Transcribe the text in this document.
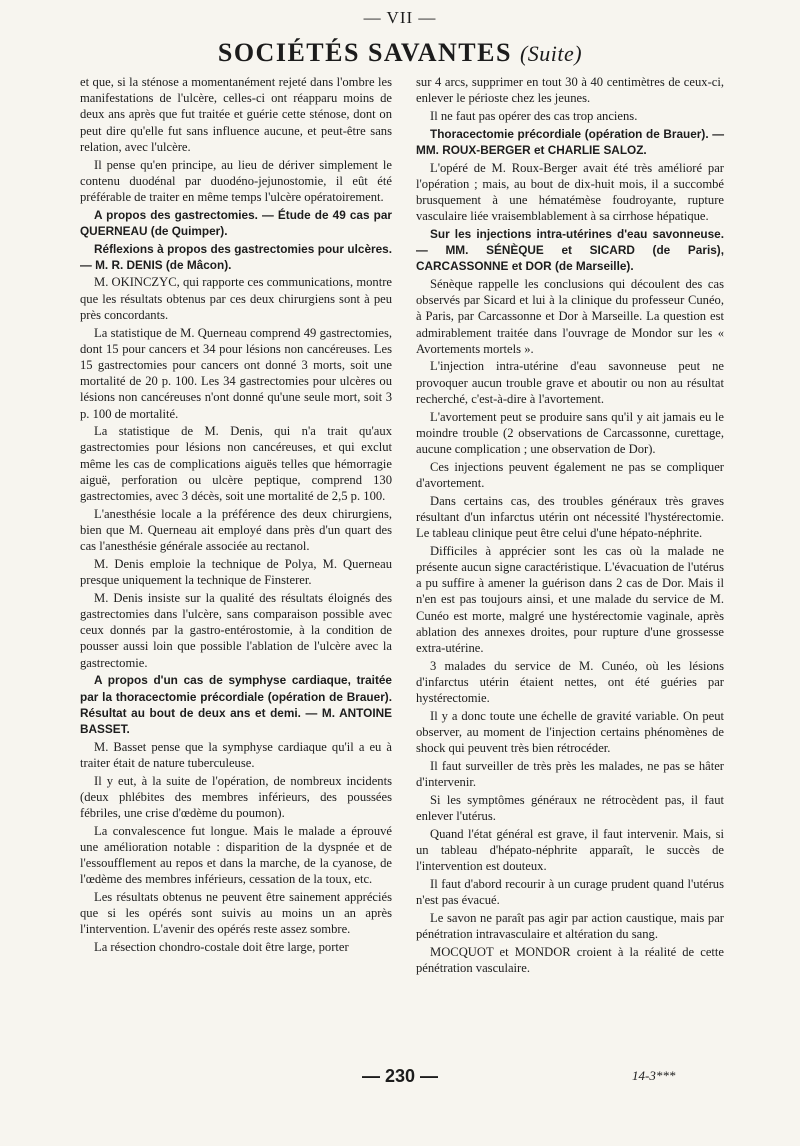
— VII —
SOCIÉTÉS SAVANTES (Suite)

et que, si la sténose a momentanément rejeté dans l'ombre les manifestations de l'ulcère, celles-ci ont réapparu moins de deux ans après que fut traitée et guérie cette sténose, dont on peut dire qu'elle fut sans influence aucune, et peut-être sans relation, avec l'ulcère.

Il pense qu'en principe, au lieu de dériver simplement le contenu duodénal par duodéno-jejunostomie, il eût été préférable de traiter en même temps l'ulcère opératoirement.

A propos des gastrectomies. — Étude de 49 cas par QUERNEAU (de Quimper).

Réflexions à propos des gastrectomies pour ulcères. — M. R. DENIS (de Mâcon).

M. OKINCZYC, qui rapporte ces communications, montre que les résultats obtenus par ces deux chirurgiens sont à peu près concordants.

La statistique de M. Querneau comprend 49 gastrectomies, dont 15 pour cancers et 34 pour lésions non cancéreuses. Les 15 gastrectomies pour cancers ont donné 3 morts, soit une mortalité de 20 p. 100. Les 34 gastrectomies pour ulcères ou lésions non cancéreuses n'ont donné qu'une seule mort, soit 3 p. 100 de mortalité.

La statistique de M. Denis, qui n'a trait qu'aux gastrectomies pour lésions non cancéreuses, et qui exclut même les cas de complications aiguës telles que hémorragie aiguë, perforation ou ulcère peptique, comprend 130 gastrectomies, avec 3 décès, soit une mortalité de 2,5 p. 100.

L'anesthésie locale a la préférence des deux chirurgiens, bien que M. Querneau ait employé dans près d'un quart des cas l'anesthésie générale associée au rectanol.

M. Denis emploie la technique de Polya, M. Querneau presque uniquement la technique de Finsterer.

M. Denis insiste sur la qualité des résultats éloignés des gastrectomies dans l'ulcère, sans comparaison possible avec ceux donnés par la gastro-entérostomie, à la condition de pousser aussi loin que possible l'ablation de l'ulcère avec la gastrectomie.

A propos d'un cas de symphyse cardiaque, traitée par la thoracectomie précordiale (opération de Brauer). Résultat au bout de deux ans et demi. — M. ANTOINE BASSET.

M. Basset pense que la symphyse cardiaque qu'il a eu à traiter était de nature tuberculeuse.

Il y eut, à la suite de l'opération, de nombreux incidents (deux phlébites des membres inférieurs, des poussées fébriles, une crise d'œdème du poumon).

La convalescence fut longue. Mais le malade a éprouvé une amélioration notable : disparition de la dyspnée et de l'essoufflement au repos et dans la marche, de la cyanose, de l'œdème des membres inférieurs, cessation de la toux, etc.

Les résultats obtenus ne peuvent être sainement appréciés que si les opérés sont suivis au moins un an après l'intervention. L'avenir des opérés reste assez sombre.

La résection chondro-costale doit être large, porter

sur 4 arcs, supprimer en tout 30 à 40 centimètres de ceux-ci, enlever le périoste chez les jeunes.

Il ne faut pas opérer des cas trop anciens.

Thoracectomie précordiale (opération de Brauer). — MM. ROUX-BERGER et CHARLIE SALOZ.

L'opéré de M. Roux-Berger avait été très amélioré par l'opération ; mais, au bout de dix-huit mois, il a succombé brusquement à une hématémèse foudroyante, rupture vasculaire liée vraisemblablement à sa cirrhose hépatique.

Sur les injections intra-utérines d'eau savonneuse. — MM. SÉNÈQUE et SICARD (de Paris), CARCASSONNE et DOR (de Marseille).

Sénèque rappelle les conclusions qui découlent des cas observés par Sicard et lui à la clinique du professeur Cunéo, à Paris, par Carcassonne et Dor à Marseille. La question est admirablement traitée dans l'ouvrage de Mondor sur les « Avortements mortels ».

L'injection intra-utérine d'eau savonneuse peut ne provoquer aucun trouble grave et aboutir ou non au résultat recherché, c'est-à-dire à l'avortement.

L'avortement peut se produire sans qu'il y ait jamais eu le moindre trouble (2 observations de Carcassonne, curettage, aucune complication ; une observation de Dor).

Ces injections peuvent également ne pas se compliquer d'avortement.

Dans certains cas, des troubles généraux très graves résultant d'un infarctus utérin ont nécessité l'hystérectomie. Le tableau clinique peut être celui d'une hépato-néphrite.

Difficiles à apprécier sont les cas où la malade ne présente aucun signe caractéristique. L'évacuation de l'utérus a pu suffire à amener la guérison dans 2 cas de Dor. Mais il n'en est pas toujours ainsi, et une malade du service de M. Cunéo est morte, malgré une hystérectomie vaginale, après ablation des annexes droites, pour rupture d'une grossesse extra-utérine.

3 malades du service de M. Cunéo, où les lésions d'infarctus utérin étaient nettes, ont été guéries par hystérectomie.

Il y a donc toute une échelle de gravité variable. On peut observer, au moment de l'injection certains phénomènes de shock qui peuvent très bien rétrocéder.

Il faut surveiller de très près les malades, ne pas se hâter d'intervenir.

Si les symptômes généraux ne rétrocèdent pas, il faut enlever l'utérus.

Quand l'état général est grave, il faut intervenir. Mais, si un tableau d'hépato-néphrite apparaît, le succès de l'intervention est douteux.

Il faut d'abord recourir à un curage prudent quand l'utérus n'est pas évacué.

Le savon ne paraît pas agir par action caustique, mais par pénétration intravasculaire et altération du sang.

MOCQUOT et MONDOR croient à la réalité de cette pénétration vasculaire.

— 230 —	14-3***
